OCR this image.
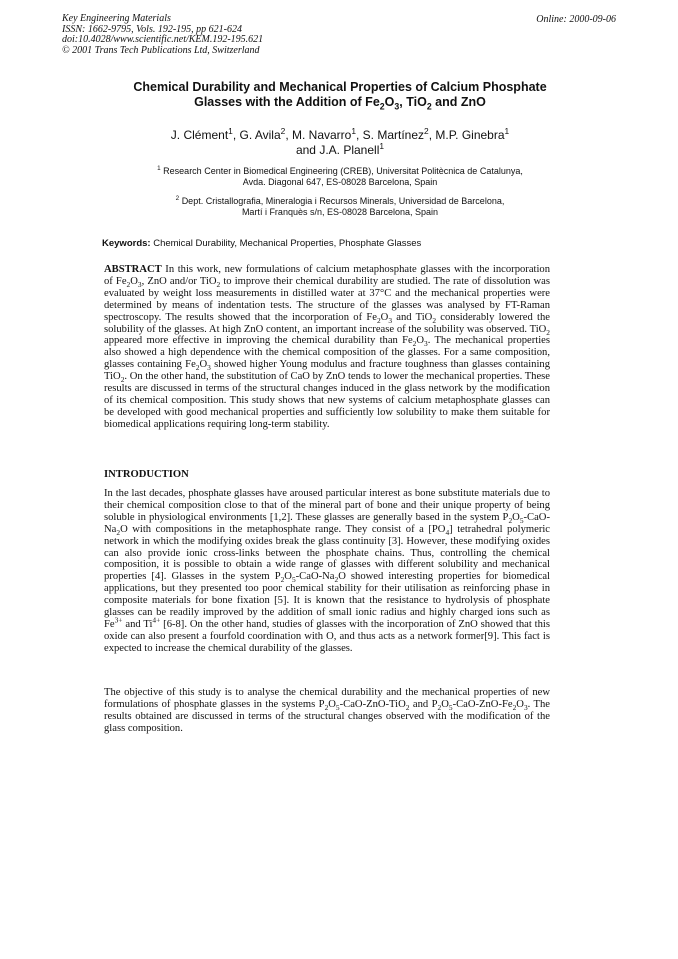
Key Engineering Materials
ISSN: 1662-9795, Vols. 192-195, pp 621-624
doi:10.4028/www.scientific.net/KEM.192-195.621
© 2001 Trans Tech Publications Ltd, Switzerland
Online: 2000-09-06
Chemical Durability and Mechanical Properties of Calcium Phosphate
Glasses with the Addition of $Fe_2O_3$, TiO$_2$ and ZnO
J. Clément$^1$, G. Avila$^2$, M. Navarro$^1$, S. Martínez$^2$, M.P. Ginebra$^1$
and J.A. Planell$^1$
$^1$ Research Center in Biomedical Engineering (CREB), Universitat Politècnica de Catalunya,
Avda. Diagonal 647, ES-08028 Barcelona, Spain
$^2$ Dept. Cristallografia, Mineralogia i Recursos Minerals, Universidad de Barcelona,
Martí i Franquès s/n, ES-08028 Barcelona, Spain
Keywords: Chemical Durability, Mechanical Properties, Phosphate Glasses
ABSTRACT In this work, new formulations of calcium metaphosphate glasses with the incorporation of $Fe_2O_3$, ZnO and/or TiO$_2$ to improve their chemical durability are studied. The rate of dissolution was evaluated by weight loss measurements in distilled water at 37°C and the mechanical properties were determined by means of indentation tests. The structure of the glasses was analysed by FT-Raman spectroscopy. The results showed that the incorporation of $Fe_2O_3$ and TiO$_2$ considerably lowered the solubility of the glasses. At high ZnO content, an important increase of the solubility was observed. TiO$_2$ appeared more effective in improving the chemical durability than $Fe_2O_3$. The mechanical properties also showed a high dependence with the chemical composition of the glasses. For a same composition, glasses containing $Fe_2O_3$ showed higher Young modulus and fracture toughness than glasses containing TiO$_2$. On the other hand, the substitution of CaO by ZnO tends to lower the mechanical properties. These results are discussed in terms of the structural changes induced in the glass network by the modification of its chemical composition. This study shows that new systems of calcium metaphosphate glasses can be developed with good mechanical properties and sufficiently low solubility to make them suitable for biomedical applications requiring long-term stability.
INTRODUCTION
In the last decades, phosphate glasses have aroused particular interest as bone substitute materials due to their chemical composition close to that of the mineral part of bone and their unique property of being soluble in physiological environments [1,2]. These glasses are generally based in the system $P_2O_5-CaO-Na_2O$ with compositions in the metaphosphate range. They consist of a $[PO_4]$ tetrahedral polymeric network in which the modifying oxides break the glass continuity [3]. However, these modifying oxides can also provide ionic cross-links between the phosphate chains. Thus, controlling the chemical composition, it is possible to obtain a wide range of glasses with different solubility and mechanical properties [4]. Glasses in the system $P_2O_5-CaO-Na_2O$ showed interesting properties for biomedical applications, but they presented too poor chemical stability for their utilisation as reinforcing phase in composite materials for bone fixation [5]. It is known that the resistance to hydrolysis of phosphate glasses can be readily improved by the addition of small ionic radius and highly charged ions such as $Fe^{3+}$ and $Ti^{4+}$ [6-8]. On the other hand, studies of glasses with the incorporation of ZnO showed that this oxide can also present a fourfold coordination with O, and thus acts as a network former[9]. This fact is expected to increase the chemical durability of the glasses.
The objective of this study is to analyse the chemical durability and the mechanical properties of new formulations of phosphate glasses in the systems $P_2O_5-CaO-ZnO-TiO_2$ and $P_2O_5-CaO-ZnO-Fe_2O_3$. The results obtained are discussed in terms of the structural changes observed with the modification of the glass composition.
